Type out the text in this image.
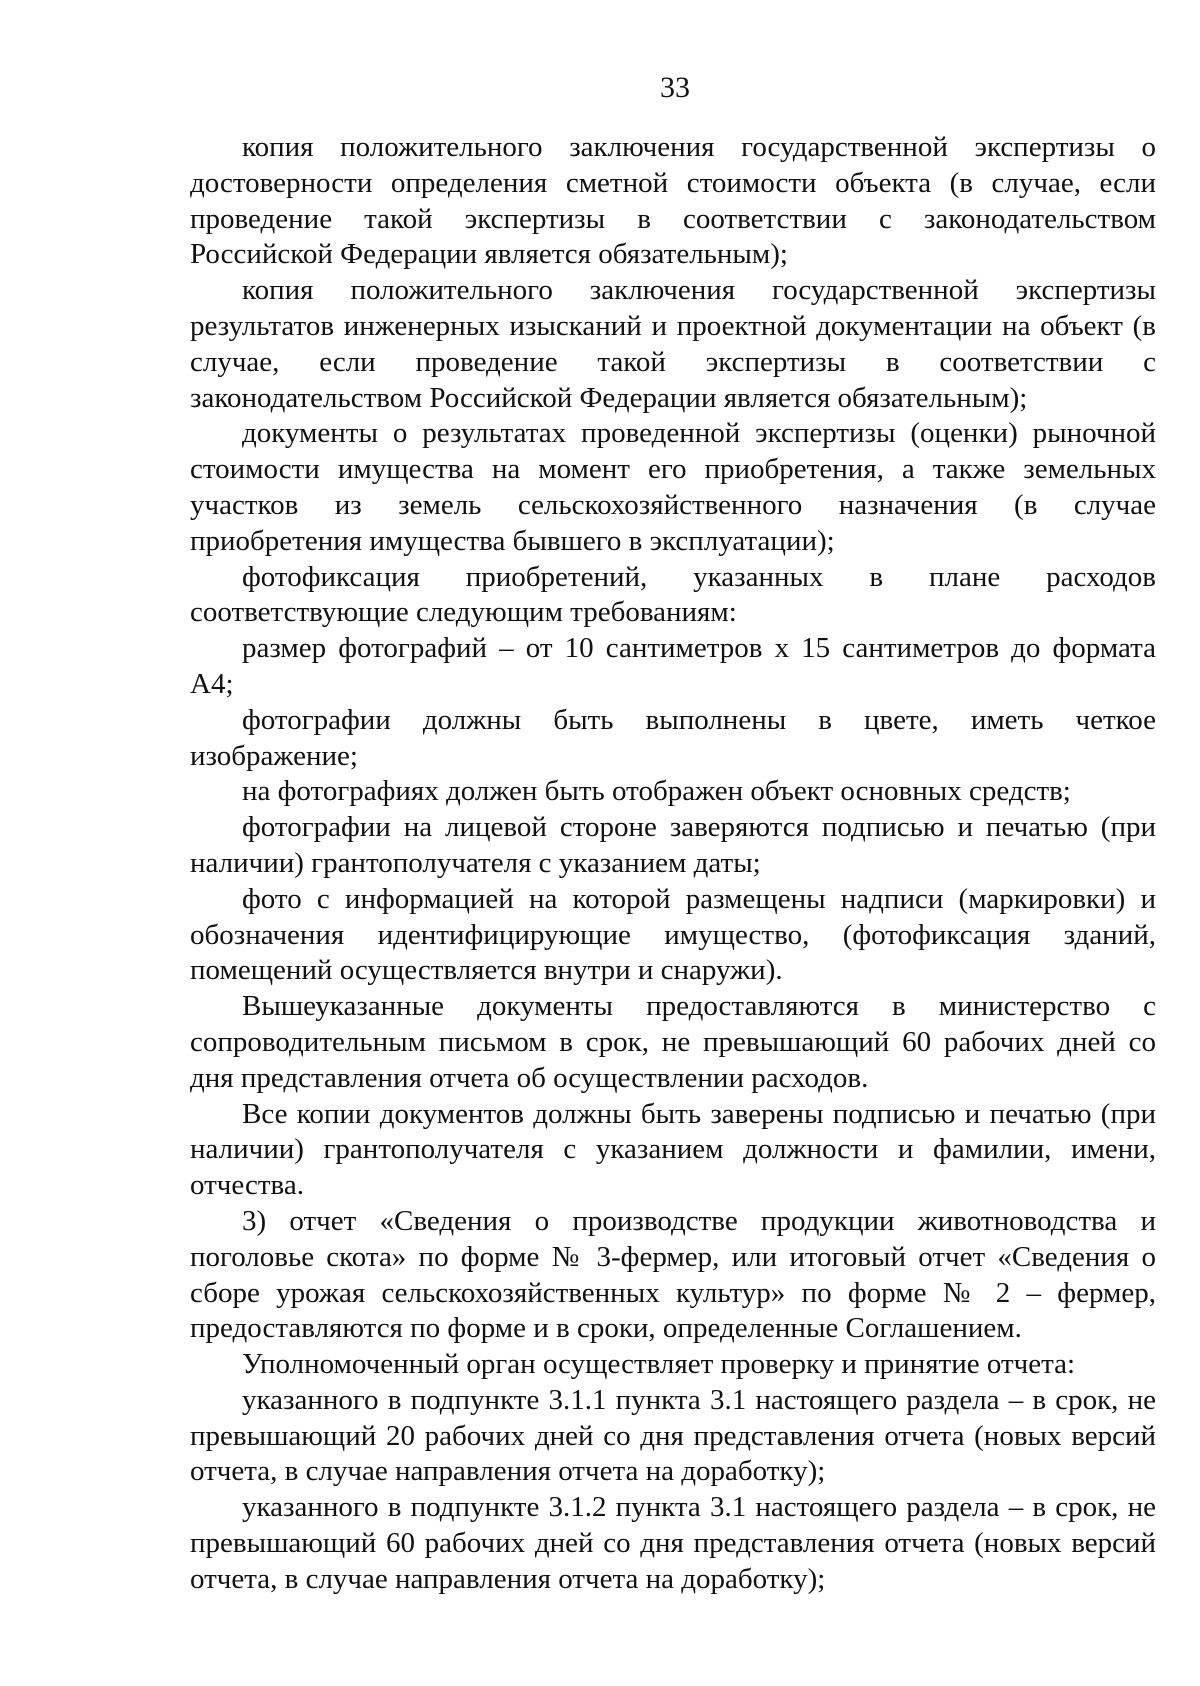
33

копия положительного заключения государственной экспертизы о достоверности определения сметной стоимости объекта (в случае, если проведение такой экспертизы в соответствии с законодательством Российской Федерации является обязательным);

копия положительного заключения государственной экспертизы результатов инженерных изысканий и проектной документации на объект (в случае, если проведение такой экспертизы в соответствии с законодательством Российской Федерации является обязательным);

документы о результатах проведенной экспертизы (оценки) рыночной стоимости имущества на момент его приобретения, а также земельных участков из земель сельскохозяйственного назначения (в случае приобретения имущества бывшего в эксплуатации);

фотофиксация приобретений, указанных в плане расходов соответствующие следующим требованиям:

размер фотографий – от 10 сантиметров х 15 сантиметров до формата А4;

фотографии должны быть выполнены в цвете, иметь четкое изображение;

на фотографиях должен быть отображен объект основных средств;

фотографии на лицевой стороне заверяются подписью и печатью (при наличии) грантополучателя с указанием даты;

фото с информацией на которой размещены надписи (маркировки) и обозначения идентифицирующие имущество, (фотофиксация зданий, помещений осуществляется внутри и снаружи).

Вышеуказанные документы предоставляются в министерство с сопроводительным письмом в срок, не превышающий 60 рабочих дней со дня представления отчета об осуществлении расходов.

Все копии документов должны быть заверены подписью и печатью (при наличии) грантополучателя с указанием должности и фамилии, имени, отчества.

3) отчет «Сведения о производстве продукции животноводства и поголовье скота» по форме № 3-фермер, или итоговый отчет «Сведения о сборе урожая сельскохозяйственных культур» по форме № 2 – фермер, предоставляются по форме и в сроки, определенные Соглашением.

Уполномоченный орган осуществляет проверку и принятие отчета:

указанного в подпункте 3.1.1 пункта 3.1 настоящего раздела – в срок, не превышающий 20 рабочих дней со дня представления отчета (новых версий отчета, в случае направления отчета на доработку);

указанного в подпункте 3.1.2 пункта 3.1 настоящего раздела – в срок, не превышающий 60 рабочих дней со дня представления отчета (новых версий отчета, в случае направления отчета на доработку);
